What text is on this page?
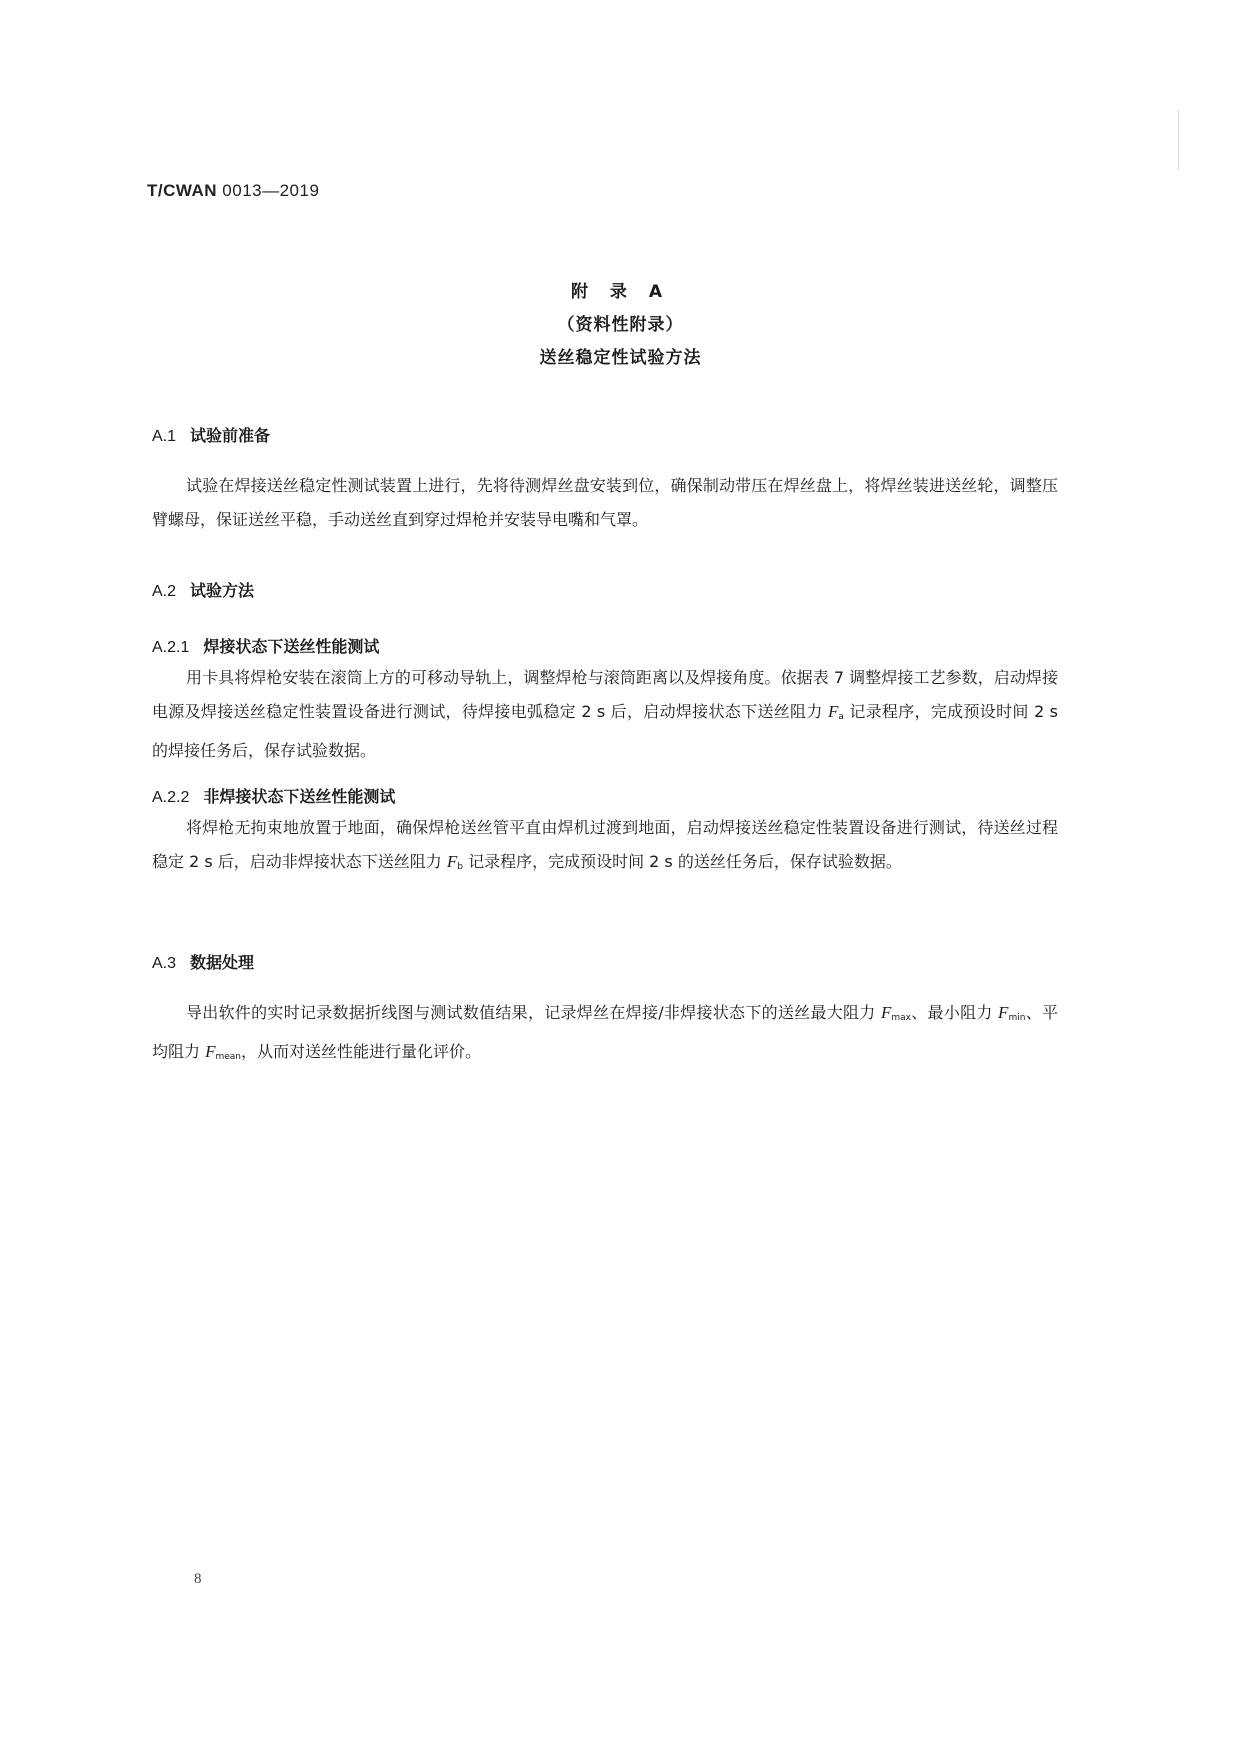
T/CWAN 0013—2019
附 录 A
（资料性附录）
送丝稳定性试验方法
A.1 试验前准备
试验在焊接送丝稳定性测试装置上进行，先将待测焊丝盘安装到位，确保制动带压在焊丝盘上，将焊丝装进送丝轮，调整压臂螺母，保证送丝平稳，手动送丝直到穿过焊枪并安装导电嘴和气罩。
A.2 试验方法
A.2.1 焊接状态下送丝性能测试
用卡具将焊枪安装在滚筒上方的可移动导轨上，调整焊枪与滚筒距离以及焊接角度。依据表 7 调整焊接工艺参数，启动焊接电源及焊接送丝稳定性装置设备进行测试，待焊接电弧稳定 2 s 后，启动焊接状态下送丝阻力 $F_a$ 记录程序，完成预设时间 2 s 的焊接任务后，保存试验数据。
A.2.2 非焊接状态下送丝性能测试
将焊枪无拘束地放置于地面，确保焊枪送丝管平直由焊机过渡到地面，启动焊接送丝稳定性装置设备进行测试，待送丝过程稳定 2 s 后，启动非焊接状态下送丝阻力 $F_b$ 记录程序，完成预设时间 2 s 的送丝任务后，保存试验数据。
A.3 数据处理
导出软件的实时记录数据折线图与测试数值结果，记录焊丝在焊接/非焊接状态下的送丝最大阻力 $F_{max}$、最小阻力 $F_{min}$、平均阻力 $F_{mean}$，从而对送丝性能进行量化评价。
8
